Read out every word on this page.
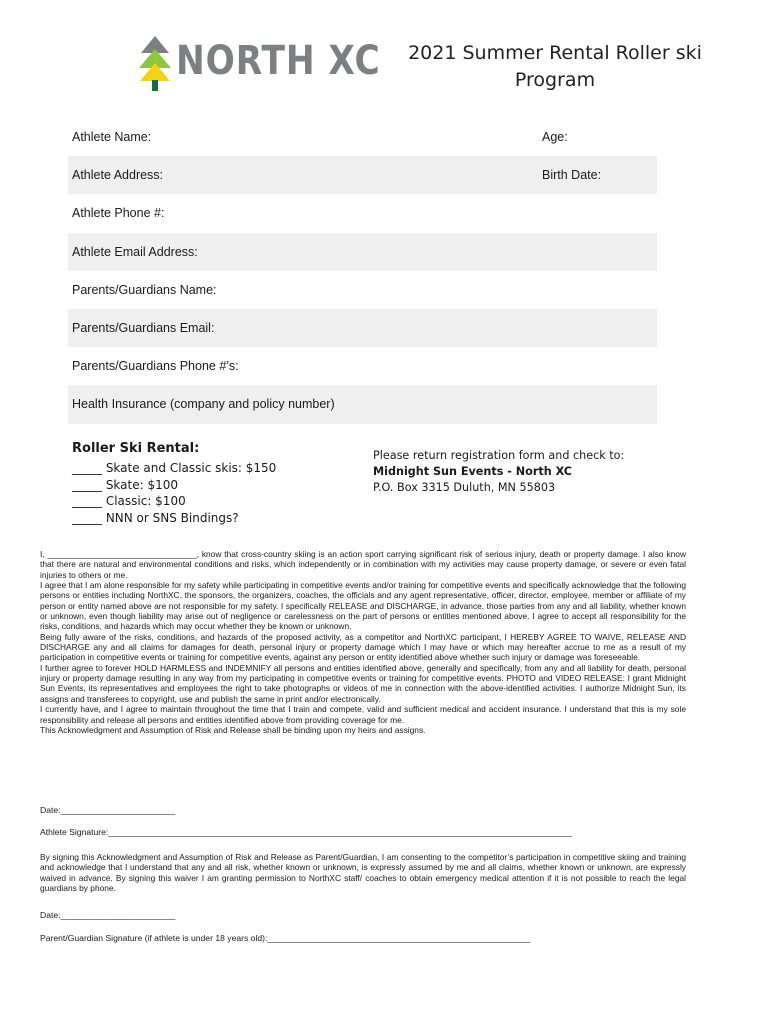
NORTH XC	2021 Summer Rental Roller ski
Program
Athlete Name:	Age:
Athlete Address:	Birth Date:
Athlete Phone #:
Athlete Email Address:
Parents/Guardians Name:
Parents/Guardians Email:
Parents/Guardians Phone #’s:
Health Insurance (company and policy number)
Roller Ski Rental:
_____ Skate and Classic skis: $150
_____ Skate: $100
_____ Classic: $100
_____ NNN or SNS Bindings?
Please return registration form and check to:
Midnight Sun Events - North XC
P.O. Box 3315 Duluth, MN 55803

I, ________________________________, know that cross-country skiing is an action sport carrying significant risk of serious injury, death or property damage. I also know that there are natural and environmental conditions and risks, which independently or in combination with my activities may cause property damage, or severe or even fatal injuries to others or me.

I agree that I am alone responsible for my safety while participating in competitive events and/or training for competitive events and specifically acknowledge that the following persons or entities including NorthXC, the sponsors, the organizers, coaches, the officials and any agent representative, officer, director, employee, member or affiliate of my person or entity named above are not responsible for my safety. I specifically RELEASE and DISCHARGE, in advance, those parties from any and all liability, whether known or unknown, even though liability may arise out of negligence or carelessness on the part of persons or entities mentioned above. I agree to accept all responsibility for the risks, conditions, and hazards which may occur whether they be known or unknown.

Being fully aware of the risks, conditions, and hazards of the proposed activity, as a competitor and NorthXC participant, I HEREBY AGREE TO WAIVE, RELEASE AND DISCHARGE any and all claims for damages for death, personal injury or property damage which I may have or which may hereafter accrue to me as a result of my participation in competitive events or training for competitive events, against any person or entity identified above whether such injury or damage was foreseeable.

I further agree to forever HOLD HARMLESS and INDEMNIFY all persons and entities identified above, generally and specifically, from any and all liability for death, personal injury or property damage resulting in any way from my participating in competitive events or training for competitive events. PHOTO and VIDEO RELEASE: I grant Midnight Sun Events, its representatives and employees the right to take photographs or videos of me in connection with the above-identified activities. I authorize Midnight Sun, its assigns and transferees to copyright, use and publish the same in print and/or electronically.

I currently have, and I agree to maintain throughout the time that I train and compete, valid and sufficient medical and accident insurance. I understand that this is my sole responsibility and release all persons and entities identified above from providing coverage for me.

This Acknowledgment and Assumption of Risk and Release shall be binding upon my heirs and assigns.

Date:________________________
Athlete Signature:_________________________________________________________________________________________________

By signing this Acknowledgment and Assumption of Risk and Release as Parent/Guardian, I am consenting to the competitor’s participation in competitive skiing and training and acknowledge that I understand that any and all risk, whether known or unknown, is expressly assumed by me and all claims, whether known or unknown, are expressly waived in advance. By signing this waiver I am granting permission to NorthXC staff/ coaches to obtain emergency medical attention if it is not possible to reach the legal guardians by phone.

Date:________________________
Parent/Guardian Signature (if athlete is under 18 years old):_______________________________________________________
